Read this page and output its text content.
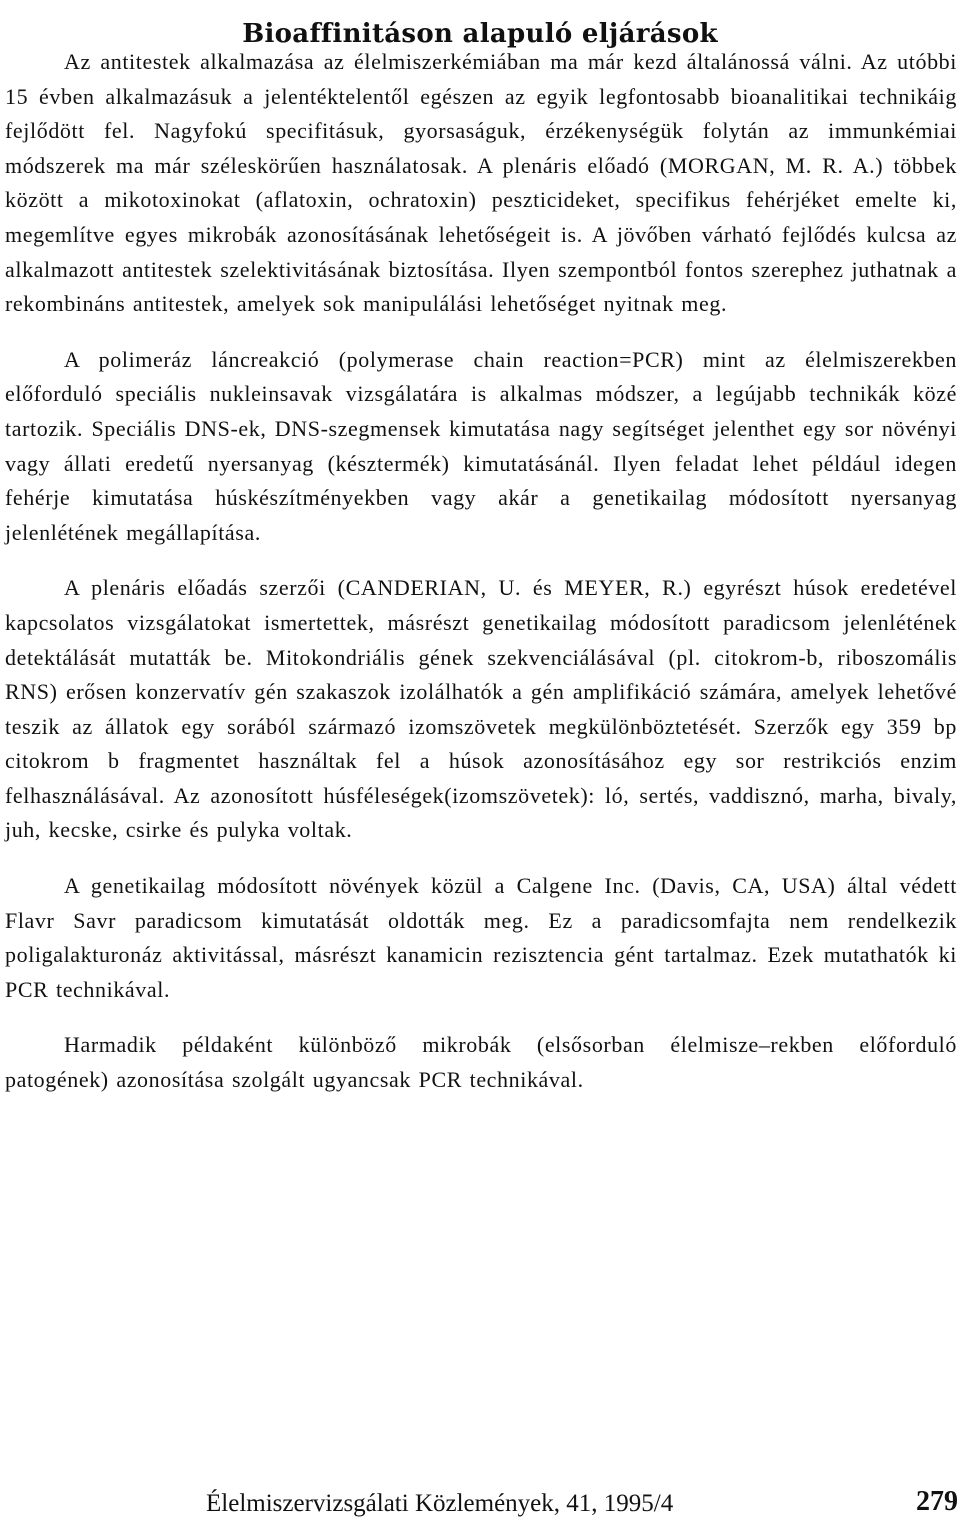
Bioaffinitáson alapuló eljárások

Az antitestek alkalmazása az élelmiszerkémiában ma már kezd általánossá válni. Az utóbbi 15 évben alkalmazásuk a jelentéktelentől egészen az egyik legfontosabb bioanalitikai technikáig fejlődött fel. Nagyfokú specifitásuk, gyorsaságuk, érzékenységük folytán az immunkémiai módszerek ma már széleskörűen használatosak. A plenáris előadó (MORGAN, M. R. A.) többek között a mikotoxinokat (aflatoxin, ochratoxin) peszticideket, specifikus fehérjéket emelte ki, megemlítve egyes mikrobák azonosításának lehetőségeit is. A jövőben várható fejlődés kulcsa az alkalmazott antitestek szelektivitásának biztosítása. Ilyen szempontból fontos szerephez juthatnak a rekombináns antitestek, amelyek sok manipulálási lehetőséget nyitnak meg.

A polimeráz láncreakció (polymerase chain reaction=PCR) mint az élelmiszerekben előforduló speciális nukleinsavak vizsgálatára is alkalmas módszer, a legújabb technikák közé tartozik. Speciális DNS-ek, DNS-szegmensek kimutatása nagy segítséget jelenthet egy sor növényi vagy állati eredetű nyersanyag (késztermék) kimutatásánál. Ilyen feladat lehet például idegen fehérje kimutatása húskészítményekben vagy akár a genetikailag módosított nyersanyag jelenlétének megállapítása.

A plenáris előadás szerzői (CANDERIAN, U. és MEYER, R.) egyrészt húsok eredetével kapcsolatos vizsgálatokat ismertettek, másrészt genetikailag módosított paradicsom jelenlétének detektálását mutatták be. Mitokondriális gének szekvenciálásával (pl. citokrom-b, riboszomális RNS) erősen konzervatív gén szakaszok izolálhatók a gén amplifikáció számára, amelyek lehetővé teszik az állatok egy sorából származó izomszövetek megkülönböztetését. Szerzők egy 359 bp citokrom b fragmentet használtak fel a húsok azonosításához egy sor restrikciós enzim felhasználásával. Az azonosított húsféleségek(izomszövetek): ló, sertés, vaddisznó, marha, bivaly, juh, kecske, csirke és pulyka voltak.

A genetikailag módosított növények közül a Calgene Inc. (Davis, CA, USA) által védett Flavr Savr paradicsom kimutatását oldották meg. Ez a paradicsomfajta nem rendelkezik poligalakturonáz aktivitással, másrészt kanamicin rezisztencia gént tartalmaz. Ezek mutathatók ki PCR technikával.

Harmadik példaként különböző mikrobák (elsősorban élelmisze–rekben előforduló patogének) azonosítása szolgált ugyancsak PCR technikával.

Élelmiszervizsgálati Közlemények, 41, 1995/4	279
